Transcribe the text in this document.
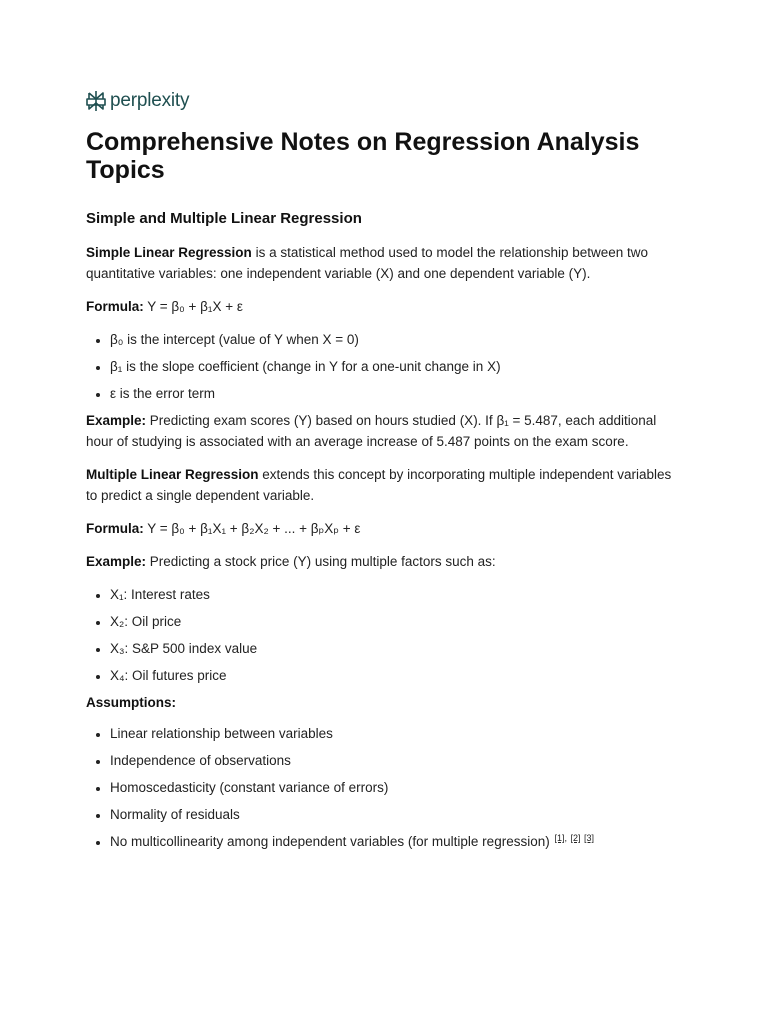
perplexity
Comprehensive Notes on Regression Analysis Topics
Simple and Multiple Linear Regression

Simple Linear Regression is a statistical method used to model the relationship between two quantitative variables: one independent variable (X) and one dependent variable (Y).

Formula: Y = β₀ + β₁X + ε

• β₀ is the intercept (value of Y when X = 0)
• β₁ is the slope coefficient (change in Y for a one-unit change in X)
• ε is the error term

Example: Predicting exam scores (Y) based on hours studied (X). If β₁ = 5.487, each additional hour of studying is associated with an average increase of 5.487 points on the exam score.

Multiple Linear Regression extends this concept by incorporating multiple independent variables to predict a single dependent variable.

Formula: Y = β₀ + β₁X₁ + β₂X₂ + ... + βₚXₚ + ε

Example: Predicting a stock price (Y) using multiple factors such as:

• X₁: Interest rates
• X₂: Oil price
• X₃: S&P 500 index value
• X₄: Oil futures price

Assumptions:

• Linear relationship between variables
• Independence of observations
• Homoscedasticity (constant variance of errors)
• Normality of residuals
• No multicollinearity among independent variables (for multiple regression) [1], [2] [3]
